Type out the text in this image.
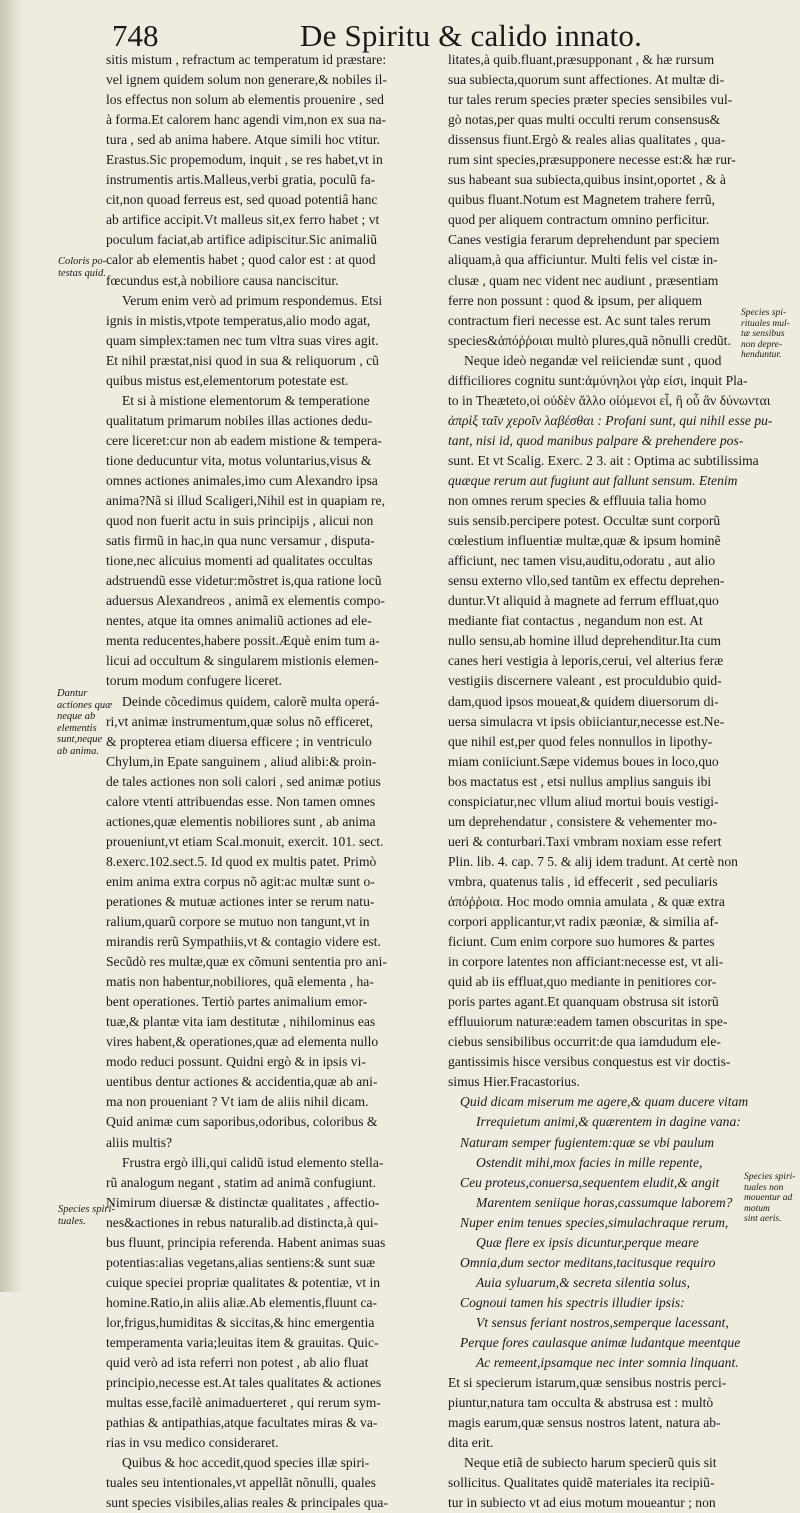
748	De Spiritu & calido innato.
sitis mistum , refractum ac temperatum id præstare:
vel ignem quidem solum non generare,& nobiles il-
los effectus non solum ab elementis prouenire , sed
à forma.Et calorem hanc agendi vim,non ex sua na-
tura , sed ab anima habere. Atque simili hoc vtitur.
Erastus.Sic propemodum, inquit , se res habet,vt in
instrumentis artis.Malleus,verbi gratia, poculũ fa-
cit,non quoad ferreus est, sed quoad potentiâ hanc
ab artifice accipit.Vt malleus sit,ex ferro habet ; vt
poculum faciat,ab artifice adipiscitur.Sic animaliũ
calor ab elementis habet ; quod calor est : at quod
fœcundus est,à nobiliore causa nanciscitur.
Verum enim verò ad primum respondemus. Etsi
ignis in mistis,vtpote temperatus,alio modo agat,
quam simplex:tamen nec tum vltra suas vires agit.
Et nihil præstat,nisi quod in sua & reliquorum , cũ
quibus mistus est,elementorum potestate est.
Et si à mistione elementorum & temperatione
qualitatum primarum nobiles illas actiones dedu-
cere liceret:cur non ab eadem mistione & tempera-
tione deducuntur vita, motus voluntarius,visus &
omnes actiones animales,imo cum Alexandro ipsa
anima?Nã si illud Scaligeri,Nihil est in quapiam re,
quod non fuerit actu in suis principijs , alicui non
satis firmũ in hac,in qua nunc versamur , disputa-
tione,nec alicuius momenti ad qualitates occultas
adstruendũ esse videtur:mõstret is,qua ratione locũ
aduersus Alexandreos , animã ex elementis compo-
nentes, atque ita omnes animaliũ actiones ad ele-
menta reducentes,habere possit.Æquè enim tum a-
licui ad occultum & singularem mistionis elemen-
torum modum confugere liceret.
Deinde cõcedimus quidem, calorẽ multa operá-
ri,vt animæ instrumentum,quæ solus nõ efficeret,
& propterea etiam diuersa efficere ; in ventriculo
Chylum,in Epate sanguinem , aliud alibi:& proin-
de tales actiones non soli calori , sed animæ potius
calore vtenti attribuendas esse. Non tamen omnes
actiones,quæ elementis nobiliores sunt , ab anima
proueniunt,vt etiam Scal.monuit, exercit. 101. sect.
8.exerc.102.sect.5. Id quod ex multis patet. Primò
enim anima extra corpus nõ agit:ac multæ sunt o-
perationes & mutuæ actiones inter se rerum natu-
ralium,quarũ corpore se mutuo non tangunt,vt in
mirandis rerũ Sympathiis,vt & contagio videre est.
Secũdò res multæ,quæ ex cõmuni sententia pro ani-
matis non habentur,nobiliores, quã elementa , ha-
bent operationes. Tertiò partes animalium emor-
tuæ,& plantæ vita iam destitutæ , nihilominus eas
vires habent,& operationes,quæ ad elementa nullo
modo reduci possunt. Quidni ergò & in ipsis vi-
uentibus dentur actiones & accidentia,quæ ab ani-
ma non proueniant ? Vt iam de aliis nihil dicam.
Quid animæ cum saporibus,odoribus, coloribus &
aliis multis?
Frustra ergò illi,qui calidũ istud elemento stella-
rũ analogum negant , statim ad animã confugiunt.
Nimirum diuersæ & distinctæ qualitates , affectio-
nes&actiones in rebus naturalib.ad distincta,à qui-
bus fluunt, principia referenda. Habent animas suas
potentias:alias vegetans,alias sentiens:& sunt suæ
cuique speciei propriæ qualitates & potentiæ, vt in
homine.Ratio,in aliis aliæ.Ab elementis,fluunt ca-
lor,frigus,humiditas & siccitas,& hinc emergentia
temperamenta varia;leuitas item & grauitas. Quic-
quid verò ad ista referri non potest , ab alio fluat
principio,necesse est.At tales qualitates & actiones
multas esse,facilè animaduerteret , qui rerum sym-
pathias & antipathias,atque facultates miras & va-
rias in vsu medico consideraret.
Quibus & hoc accedit,quod species illæ spiri-
tuales seu intentionales,vt appellãt nõnulli, quales
sunt species visibiles,alias reales & principales qua-
litates,à quib.fluant,præsupponant , & hæ rursum
sua subiecta,quorum sunt affectiones. At multæ di-
tur tales rerum species præter species sensibiles vul-
gò notas,per quas multi occulti rerum consensus&
dissensus fiunt.Ergò & reales alias qualitates , qua-
rum sint species,præsupponere necesse est:& hæ rur-
sus habeant sua subiecta,quibus insint,oportet , & à
quibus fluant.Notum est Magnetem trahere ferrũ,
quod per aliquem contractum omnino perficitur.
Canes vestigia ferarum deprehendunt par speciem
aliquam,à qua afficiuntur. Multi felis vel cistæ in-
clusæ , quam nec vident nec audiunt , præsentiam
ferre non possunt : quod & ipsum, per aliquem
contractum fieri necesse est. Ac sunt tales rerum
species&ἀπόῤῥοιαι multò plures,quã nõnulli credũt.
Neque ideò negandæ vel reiiciendæ sunt , quod
difficiliores cognitu sunt:ἀμύνηλοι γὰρ εἰσι, inquit Pla-
to in Theæteto,οἱ οὐδὲν ἄλλο οἰόμενοι εἶ, ἢ οὗ ἂν δύνωνται
ἀπρὶξ ταῖν χεροῖν λαβέσθαι : Profani sunt, qui nihil esse pu-
tant, nisi id, quod manibus palpare & prehendere pos-
sunt. Et vt Scalig. Exerc. 2 3. ait : Optima ac subtilissima
quæque rerum aut fugiunt aut fallunt sensum. Etenim
non omnes rerum species & effluuia talia homo
suis sensib.percipere potest. Occultæ sunt corporũ
cœlestium influentiæ multæ,quæ & ipsum hominẽ
afficiunt, nec tamen visu,auditu,odoratu , aut alio
sensu externo vllo,sed tantũm ex effectu deprehen-
duntur.Vt aliquid à magnete ad ferrum effluat,quo
mediante fiat contactus , negandum non est. At
nullo sensu,ab homine illud deprehenditur.Ita cum
canes heri vestigia à leporis,cerui, vel alterius feræ
vestigiis discernere valeant , est proculdubio quid-
dam,quod ipsos moueat,& quidem diuersorum di-
uersa simulacra vt ipsis obiiciantur,necesse est.Ne-
que nihil est,per quod feles nonnullos in lipothy-
miam coniiciunt.Sæpe videmus boues in loco,quo
bos mactatus est , etsi nullus amplius sanguis ibi
conspiciatur,nec vllum aliud mortui bouis vestigi-
um deprehendatur , consistere & vehementer mo-
ueri & conturbari.Taxi vmbram noxiam esse refert
Plin. lib. 4. cap. 7 5. & alij idem tradunt. At certè non
vmbra, quatenus talis , id effecerit , sed peculiaris
ἀπόῤῥοια. Hoc modo omnia amulata , & quæ extra
corpori applicantur,vt radix pæoniæ, & similia af-
ficiunt. Cum enim corpore suo humores & partes
in corpore latentes non afficiant:necesse est, vt ali-
quid ab iis effluat,quo mediante in penitiores cor-
poris partes agant.Et quanquam obstrusa sit istorũ
effluuiorum naturæ:eadem tamen obscuritas in spe-
ciebus sensibilibus occurrit:de qua iamdudum ele-
gantissimis hisce versibus conquestus est vir doctis-
simus Hier.Fracastorius.
Quid dicam miserum me agere,& quam ducere vitam
Irrequietum animi,& quærentem in dagine vana:
Naturam semper fugientem:quæ se vbi paulum
Ostendit mihi,mox facies in mille repente,
Ceu proteus,conuersa,sequentem eludit,& angit
Marentem seniique horas,cassumque laborem?
Nuper enim tenues species,simulachraque rerum,
Quæ flere ex ipsis dicuntur,perque meare
Omnia,dum sector meditans,tacitusque requiro
Auia syluarum,& secreta silentia solus,
Cognoui tamen his spectris illudier ipsis:
Vt sensus feriant nostros,semperque lacessant,
Perque fores caulasque animæ ludantque meentque
Ac remeent,ipsamque nec inter somnia linquant.
Et si specierum istarum,quæ sensibus nostris perci-
piuntur,natura tam occulta & abstrusa est : multò
magis earum,quæ sensus nostros latent, natura ab-
dita erit.
Neque etiã de subiecto harum specierũ quis sit
sollicitus. Qualitates quidẽ materiales ita recipiũ-
tur in subiecto vt ad eius motum moueantur ; non
Coloris po-
testas quid.
Dantur
actiones quæ
neque ab
elementis
sunt,neque
ab anima.
Species spiri-
tuales.
Species spi-
rituales mul-
tæ sensibus
non depre-
henduntur.
Species spiri-
tuales non
mouentur ad
motum
sint aeris.
